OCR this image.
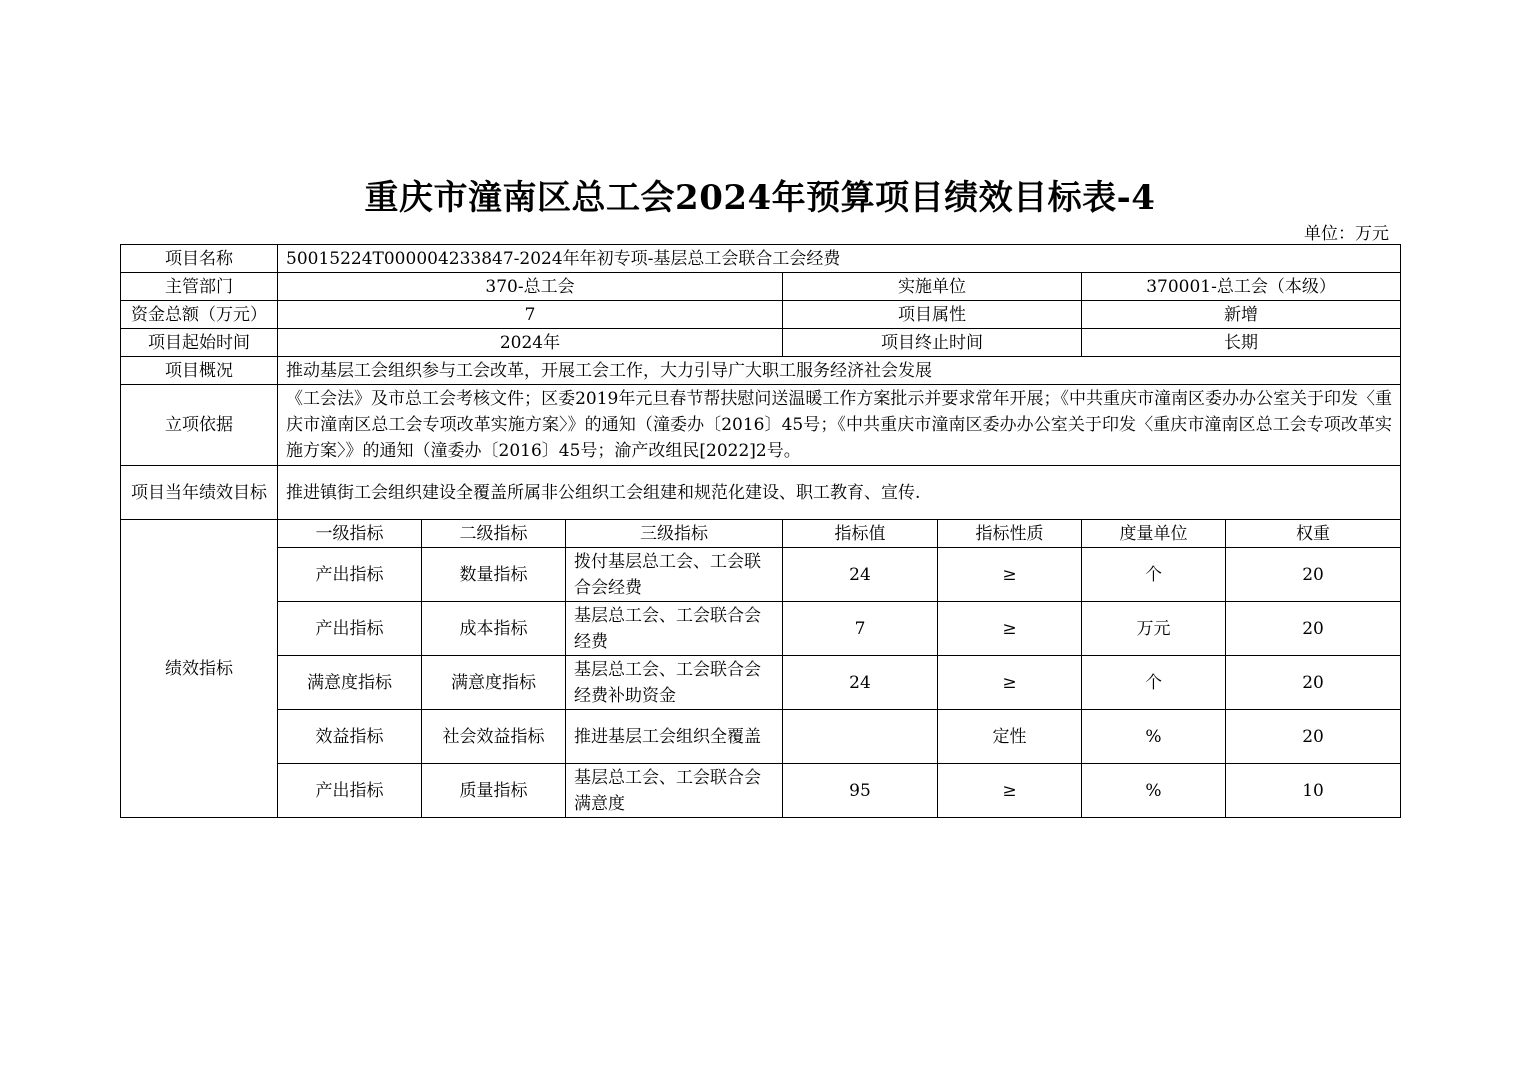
重庆市潼南区总工会2024年预算项目绩效目标表-4
单位：万元
项目名称	50015224T000004233847-2024年年初专项-基层总工会联合工会经费						
主管部门	370-总工会			实施单位		370001-总工会（本级）	
资金总额（万元）	7			项目属性		新增	
项目起始时间	2024年			项目终止时间		长期	
项目概况	推动基层工会组织参与工会改革，开展工会工作，大力引导广大职工服务经济社会发展						
立项依据	《工会法》及市总工会考核文件；区委2019年元旦春节帮扶慰问送温暖工作方案批示并要求常年开展；《中共重庆市潼南区委办办公室关于印发〈重庆市潼南区总工会专项改革实施方案〉》的通知（潼委办〔2016〕45号；《中共重庆市潼南区委办办公室关于印发〈重庆市潼南区总工会专项改革实施方案〉》的通知（潼委办〔2016〕45号；渝产改组民[2022]2号。						
项目当年绩效目标	推进镇街工会组织建设全覆盖所属非公组织工会组建和规范化建设、职工教育、宣传.						
绩效指标	一级指标	二级指标	三级指标	指标值	指标性质	度量单位	权重
	产出指标	数量指标	拨付基层总工会、工会联合会经费	24	≥	个	20
	产出指标	成本指标	基层总工会、工会联合会经费	7	≥	万元	20
	满意度指标	满意度指标	基层总工会、工会联合会经费补助资金	24	≥	个	20
	效益指标	社会效益指标	推进基层工会组织全覆盖		定性	%	20
	产出指标	质量指标	基层总工会、工会联合会满意度	95	≥	%	10
